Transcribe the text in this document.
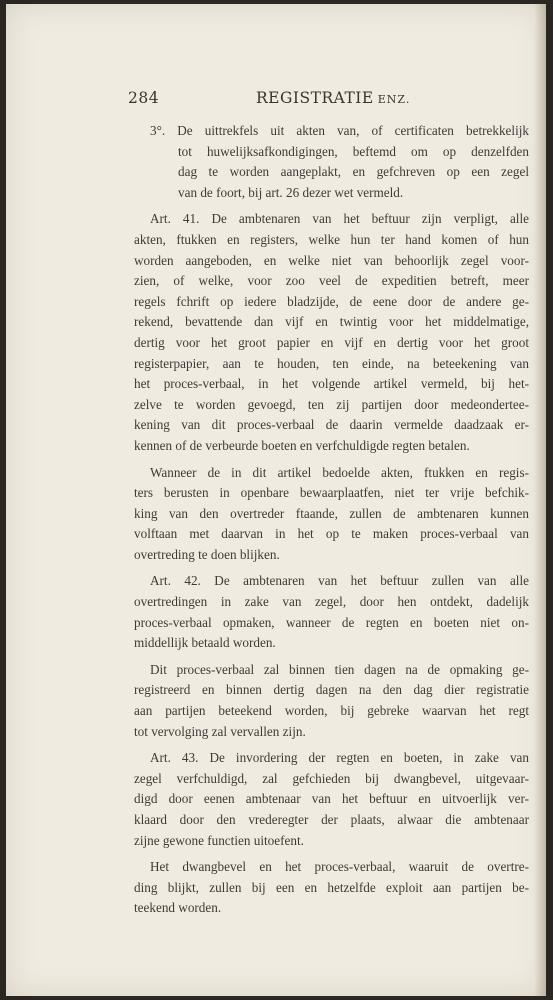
284	REGISTRATIE ENZ.
3°. De uittrekfels uit akten van, of certificaten betrekkelijk
tot huwelijksafkondigingen, beftemd om op denzelfden
dag te worden aangeplakt, en gefchreven op een zegel
van de foort, bij art. 26 dezer wet vermeld.
Art. 41. De ambtenaren van het beftuur zijn verpligt, alle
akten, ftukken en registers, welke hun ter hand komen of hun
worden aangeboden, en welke niet van behoorlijk zegel voor-
zien, of welke, voor zoo veel de expeditien betreft, meer
regels fchrift op iedere bladzijde, de eene door de andere ge-
rekend, bevattende dan vijf en twintig voor het middelmatige,
dertig voor het groot papier en vijf en dertig voor het groot
registerpapier, aan te houden, ten einde, na beteekening van
het proces-verbaal, in het volgende artikel vermeld, bij het-
zelve te worden gevoegd, ten zij partijen door medeondertee-
kening van dit proces-verbaal de daarin vermelde daadzaak er-
kennen of de verbeurde boeten en verfchuldigde regten betalen.
Wanneer de in dit artikel bedoelde akten, ftukken en regis-
ters berusten in openbare bewaarplaatfen, niet ter vrije befchik-
king van den overtreder ftaande, zullen de ambtenaren kunnen
volftaan met daarvan in het op te maken proces-verbaal van
overtreding te doen blijken.
Art. 42. De ambtenaren van het beftuur zullen van alle
overtredingen in zake van zegel, door hen ontdekt, dadelijk
proces-verbaal opmaken, wanneer de regten en boeten niet on-
middellijk betaald worden.
Dit proces-verbaal zal binnen tien dagen na de opmaking ge-
registreerd en binnen dertig dagen na den dag dier registratie
aan partijen beteekend worden, bij gebreke waarvan het regt
tot vervolging zal vervallen zijn.
Art. 43. De invordering der regten en boeten, in zake van
zegel verfchuldigd, zal gefchieden bij dwangbevel, uitgevaar-
digd door eenen ambtenaar van het beftuur en uitvoerlijk ver-
klaard door den vrederegter der plaats, alwaar die ambtenaar
zijne gewone functien uitoefent.
Het dwangbevel en het proces-verbaal, waaruit de overtre-
ding blijkt, zullen bij een en hetzelfde exploit aan partijen be-
teekend worden.
